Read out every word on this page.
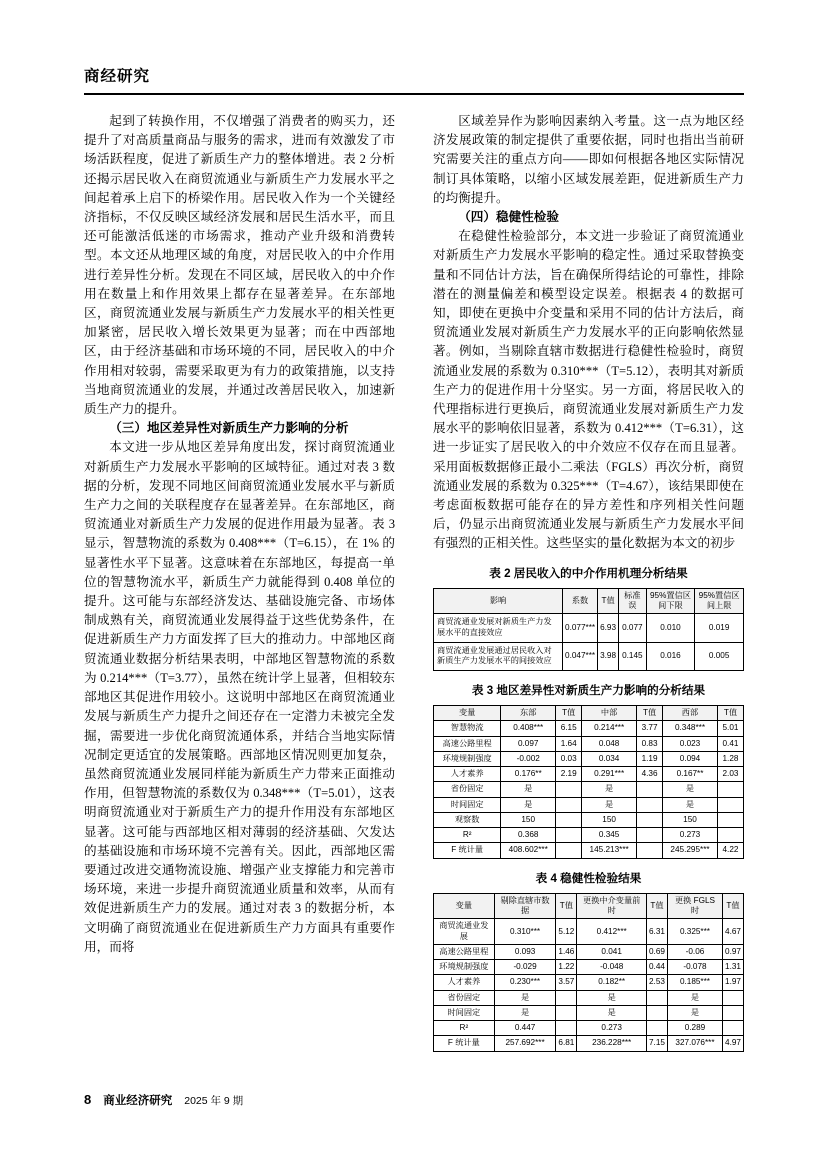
商经研究

起到了转换作用，不仅增强了消费者的购买力，还提升了对高质量商品与服务的需求，进而有效激发了市场活跃程度，促进了新质生产力的整体增进。表 2 分析还揭示居民收入在商贸流通业与新质生产力发展水平之间起着承上启下的桥梁作用。居民收入作为一个关键经济指标，不仅反映区域经济发展和居民生活水平，而且还可能激活低迷的市场需求，推动产业升级和消费转型。本文还从地理区域的角度，对居民收入的中介作用进行差异性分析。发现在不同区域，居民收入的中介作用在数量上和作用效果上都存在显著差异。在东部地区，商贸流通业发展与新质生产力发展水平的相关性更加紧密，居民收入增长效果更为显著；而在中西部地区，由于经济基础和市场环境的不同，居民收入的中介作用相对较弱，需要采取更为有力的政策措施，以支持当地商贸流通业的发展，并通过改善居民收入，加速新质生产力的提升。

（三）地区差异性对新质生产力影响的分析

本文进一步从地区差异角度出发，探讨商贸流通业对新质生产力发展水平影响的区域特征。通过对表 3 数据的分析，发现不同地区间商贸流通业发展水平与新质生产力之间的关联程度存在显著差异。在东部地区，商贸流通业对新质生产力发展的促进作用最为显著。表 3 显示，智慧物流的系数为 0.408***（T=6.15），在 1% 的显著性水平下显著。这意味着在东部地区，每提高一单位的智慧物流水平，新质生产力就能得到 0.408 单位的提升。这可能与东部经济发达、基础设施完备、市场体制成熟有关，商贸流通业发展得益于这些优势条件，在促进新质生产力方面发挥了巨大的推动力。中部地区商贸流通业数据分析结果表明，中部地区智慧物流的系数为 0.214***（T=3.77），虽然在统计学上显著，但相较东部地区其促进作用较小。这说明中部地区在商贸流通业发展与新质生产力提升之间还存在一定潜力未被完全发掘，需要进一步优化商贸流通体系，并结合当地实际情况制定更适宜的发展策略。西部地区情况则更加复杂，虽然商贸流通业发展同样能为新质生产力带来正面推动作用，但智慧物流的系数仅为 0.348***（T=5.01），这表明商贸流通业对于新质生产力的提升作用没有东部地区显著。这可能与西部地区相对薄弱的经济基础、欠发达的基础设施和市场环境不完善有关。因此，西部地区需要通过改进交通物流设施、增强产业支撑能力和完善市场环境，来进一步提升商贸流通业质量和效率，从而有效促进新质生产力的发展。通过对表 3 的数据分析，本文明确了商贸流通业在促进新质生产力方面具有重要作用，而将

区域差异作为影响因素纳入考量。这一点为地区经济发展政策的制定提供了重要依据，同时也指出当前研究需要关注的重点方向——即如何根据各地区实际情况制订具体策略，以缩小区域发展差距，促进新质生产力的均衡提升。

（四）稳健性检验

在稳健性检验部分，本文进一步验证了商贸流通业对新质生产力发展水平影响的稳定性。通过采取替换变量和不同估计方法，旨在确保所得结论的可靠性，排除潜在的测量偏差和模型设定误差。根据表 4 的数据可知，即使在更换中介变量和采用不同的估计方法后，商贸流通业发展对新质生产力发展水平的正向影响依然显著。例如，当剔除直辖市数据进行稳健性检验时，商贸流通业发展的系数为 0.310***（T=5.12），表明其对新质生产力的促进作用十分坚实。另一方面，将居民收入的代理指标进行更换后，商贸流通业发展对新质生产力发展水平的影响依旧显著，系数为 0.412***（T=6.31），这进一步证实了居民收入的中介效应不仅存在而且显著。采用面板数据修正最小二乘法（FGLS）再次分析，商贸流通业发展的系数为 0.325***（T=4.67），该结果即使在考虑面板数据可能存在的异方差性和序列相关性问题后，仍显示出商贸流通业发展与新质生产力发展水平间有强烈的正相关性。这些坚实的量化数据为本文的初步

表 2 居民收入的中介作用机理分析结果
影响	系数	T值	标准误	95%置信区间下限	95%置信区间上限
商贸流通业发展对新质生产力发展水平的直接效应	0.077***	6.93	0.077	0.010	0.019
商贸流通业发展通过居民收入对新质生产力发展水平的间接效应	0.047***	3.98	0.145	0.016	0.005
表 3 地区差异性对新质生产力影响的分析结果
变量	东部	T值	中部	T值	西部	T值
智慧物流	0.408***	6.15	0.214***	3.77	0.348***	5.01
高速公路里程	0.097	1.64	0.048	0.83	0.023	0.41
环境规制强度	-0.002	0.03	0.034	1.19	0.094	1.28
人才素养	0.176**	2.19	0.291***	4.36	0.167**	2.03
省份固定	是		是		是	
时间固定	是		是		是	
观察数	150		150		150	
R²	0.368		0.345		0.273	
F 统计量	408.602***		145.213***		245.295***	4.22
表 4 稳健性检验结果
变量	剔除直辖市数据	T值	更换中介变量前时	T值	更换 FGLS 时	T值
商贸流通业发展	0.310***	5.12	0.412***	6.31	0.325***	4.67
高速公路里程	0.093	1.46	0.041	0.69	-0.06	0.97
环境规制强度	-0.029	1.22	-0.048	0.44	-0.078	1.31
人才素养	0.230***	3.57	0.182**	2.53	0.185***	1.97
省份固定	是		是		是	
时间固定	是		是		是	
R²	0.447		0.273		0.289	
F 统计量	257.692***	6.81	236.228***	7.15	327.076***	4.97
8 商业经济研究 2025 年 9 期
